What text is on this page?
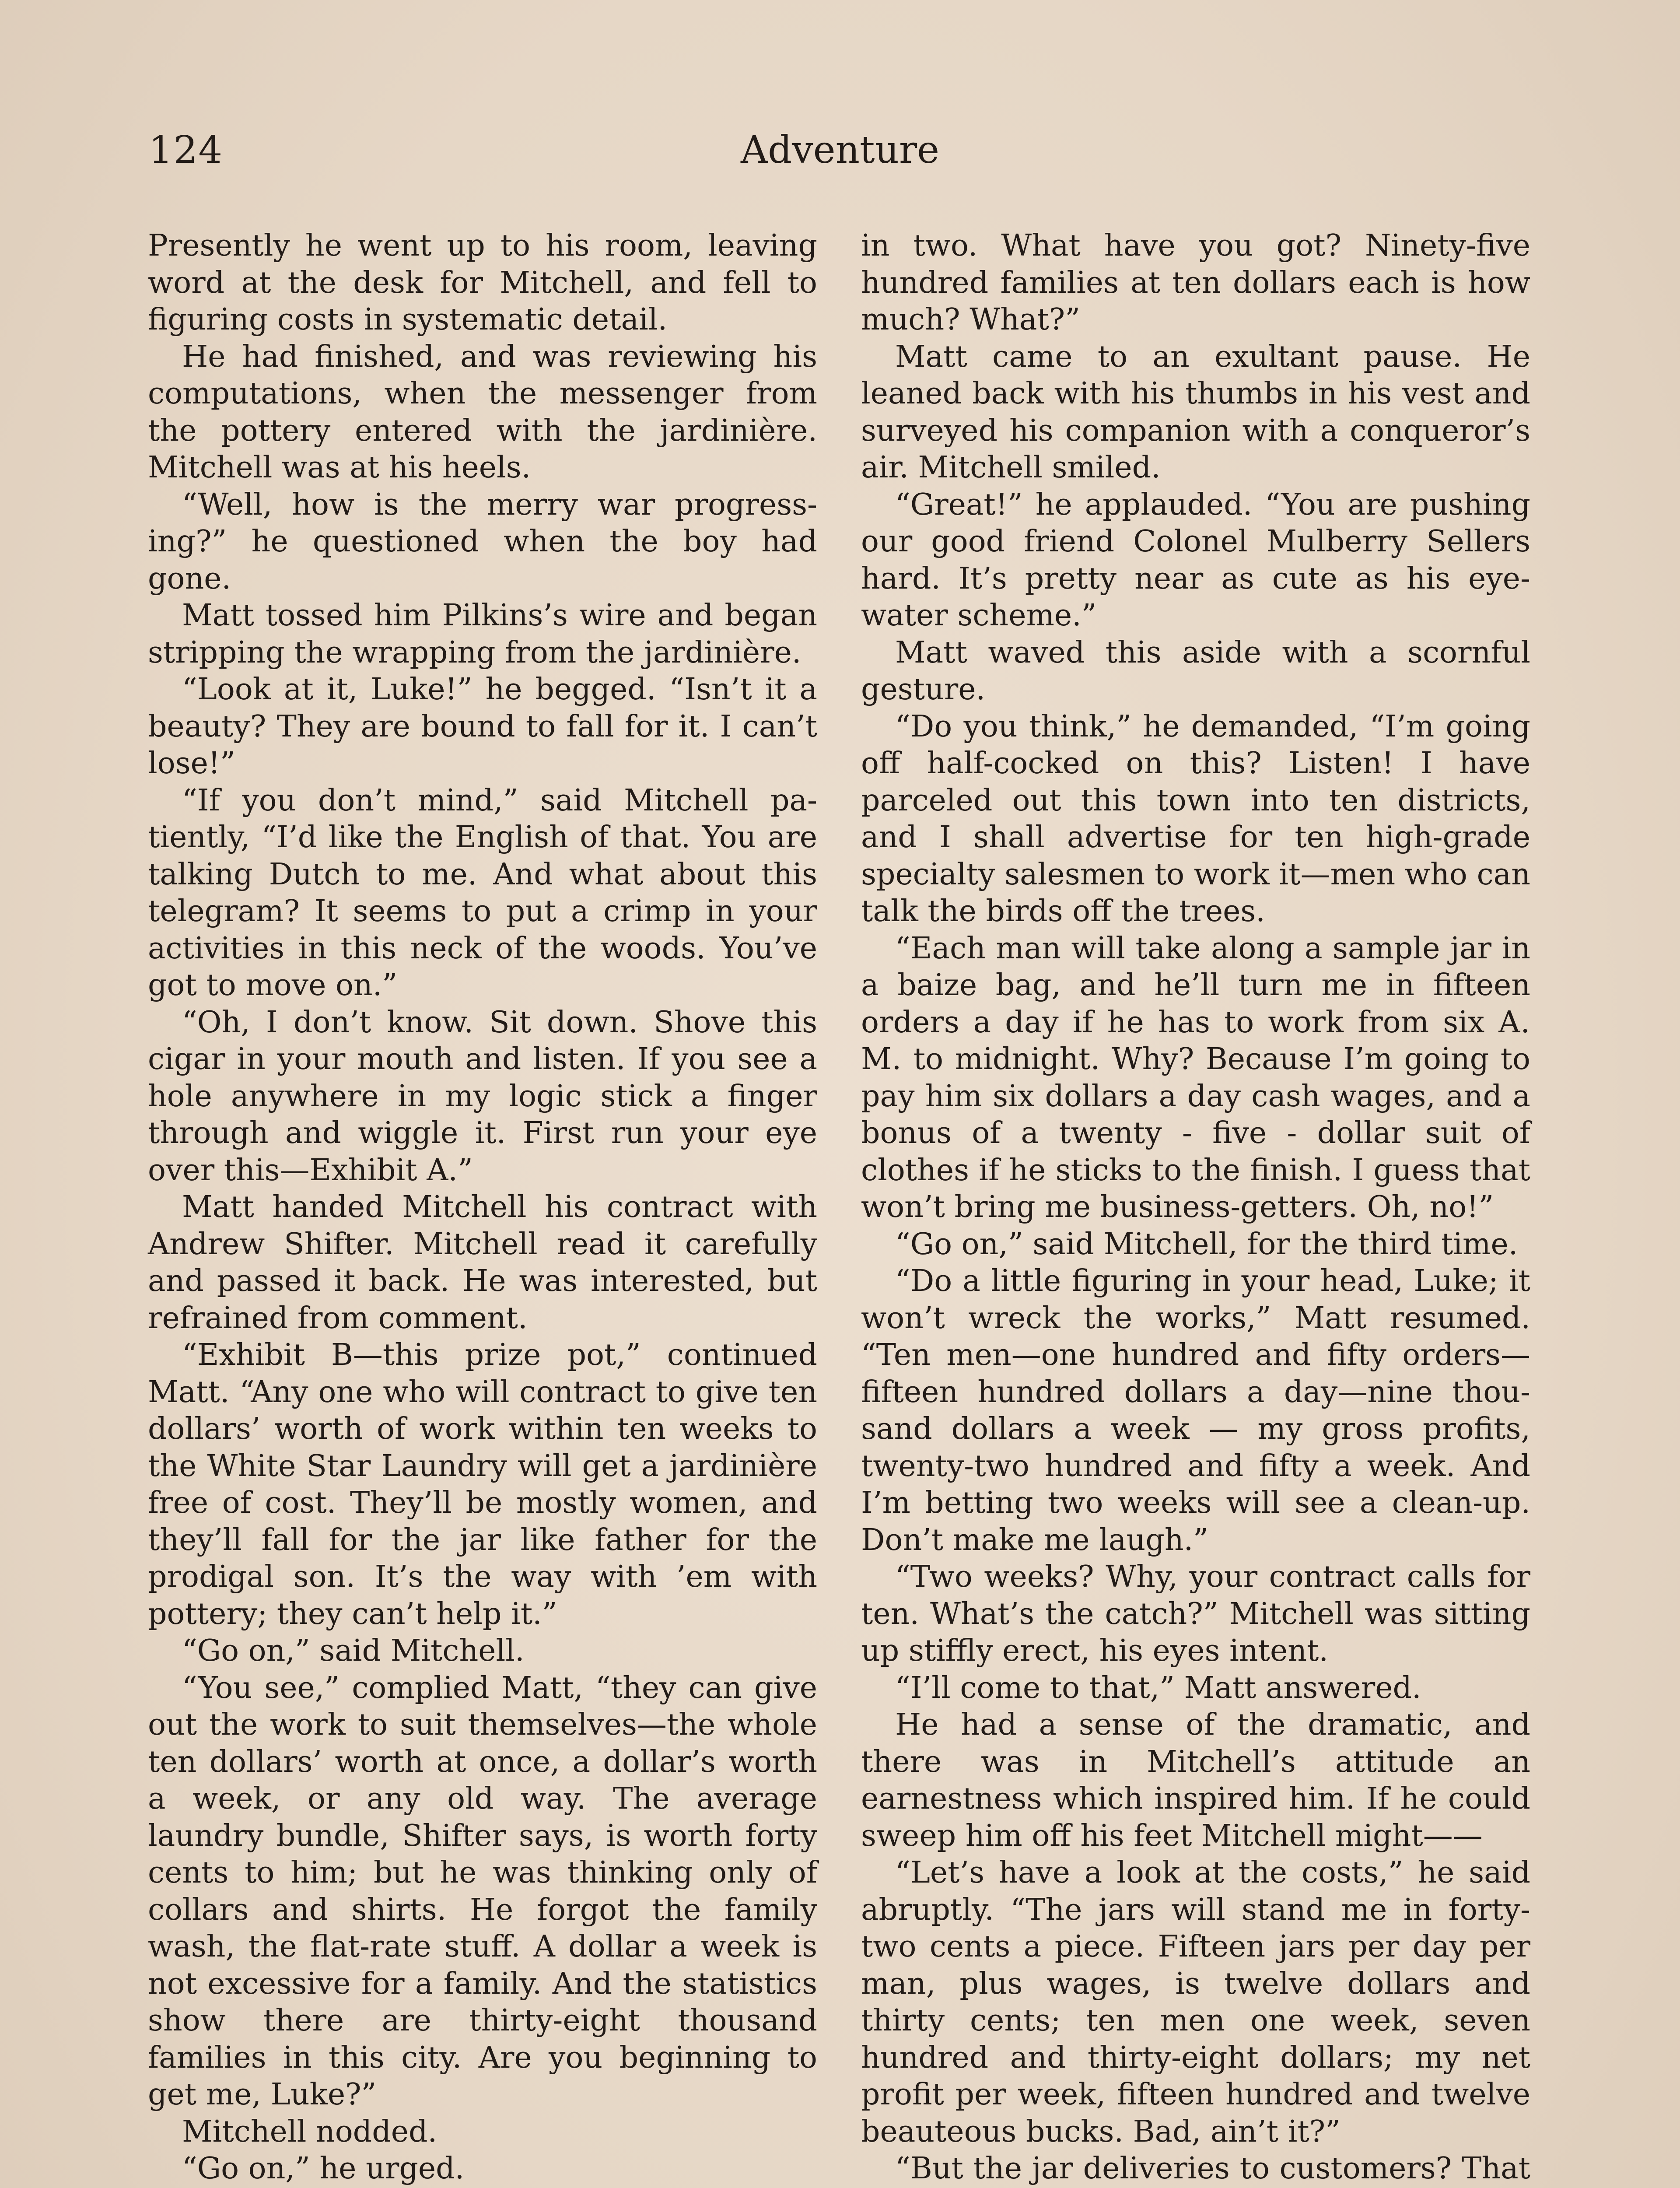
124	Adventure

Presently he went up to his room, leaving word at the desk for Mitchell, and fell to figuring costs in systematic detail.

He had finished, and was reviewing his computations, when the messenger from the pottery entered with the jardinière. Mitchell was at his heels.

“Well, how is the merry war progressing?” he questioned when the boy had gone.

Matt tossed him Pilkins’s wire and began stripping the wrapping from the jardinière.

“Look at it, Luke!” he begged. “Isn’t it a beauty? They are bound to fall for it. I can’t lose!”

“If you don’t mind,” said Mitchell patiently, “I’d like the English of that. You are talking Dutch to me. And what about this telegram? It seems to put a crimp in your activities in this neck of the woods. You’ve got to move on.”

“Oh, I don’t know. Sit down. Shove this cigar in your mouth and listen. If you see a hole anywhere in my logic stick a finger through and wiggle it. First run your eye over this—Exhibit A.”

Matt handed Mitchell his contract with Andrew Shifter. Mitchell read it carefully and passed it back. He was interested, but refrained from comment.

“Exhibit B—this prize pot,” continued Matt. “Any one who will contract to give ten dollars’ worth of work within ten weeks to the White Star Laundry will get a jardinière free of cost. They’ll be mostly women, and they’ll fall for the jar like father for the prodigal son. It’s the way with ’em with pottery; they can’t help it.”

“Go on,” said Mitchell.

“You see,” complied Matt, “they can give out the work to suit themselves—the whole ten dollars’ worth at once, a dollar’s worth a week, or any old way. The average laundry bundle, Shifter says, is worth forty cents to him; but he was thinking only of collars and shirts. He forgot the family wash, the flat-rate stuff. A dollar a week is not excessive for a family. And the statistics show there are thirty-eight thousand families in this city. Are you beginning to get me, Luke?”

Mitchell nodded.

“Go on,” he urged.

in two. What have you got? Ninety-five hundred families at ten dollars each is how much? What?”

Matt came to an exultant pause. He leaned back with his thumbs in his vest and surveyed his companion with a conqueror’s air. Mitchell smiled.

“Great!” he applauded. “You are pushing our good friend Colonel Mulberry Sellers hard. It’s pretty near as cute as his eye-water scheme.”

Matt waved this aside with a scornful gesture.

“Do you think,” he demanded, “I’m going off half-cocked on this? Listen! I have parceled out this town into ten districts, and I shall advertise for ten high-grade specialty salesmen to work it—men who can talk the birds off the trees.

“Each man will take along a sample jar in a baize bag, and he’ll turn me in fifteen orders a day if he has to work from six A. M. to midnight. Why? Because I’m going to pay him six dollars a day cash wages, and a bonus of a twenty - five - dollar suit of clothes if he sticks to the finish. I guess that won’t bring me business-getters. Oh, no!”

“Go on,” said Mitchell, for the third time.

“Do a little figuring in your head, Luke; it won’t wreck the works,” Matt resumed. “Ten men—one hundred and fifty orders—fifteen hundred dollars a day—nine thousand dollars a week — my gross profits, twenty-two hundred and fifty a week. And I’m betting two weeks will see a clean-up. Don’t make me laugh.”

“Two weeks? Why, your contract calls for ten. What’s the catch?” Mitchell was sitting up stiffly erect, his eyes intent.

“I’ll come to that,” Matt answered.

He had a sense of the dramatic, and there was in Mitchell’s attitude an earnestness which inspired him. If he could sweep him off his feet Mitchell might——

“Let’s have a look at the costs,” he said abruptly. “The jars will stand me in forty-two cents a piece. Fifteen jars per day per man, plus wages, is twelve dollars and thirty cents; ten men one week, seven hundred and thirty-eight dollars; my net profit per week, fifteen hundred and twelve beauteous bucks. Bad, ain’t it?”

“But the jar deliveries to customers? That
